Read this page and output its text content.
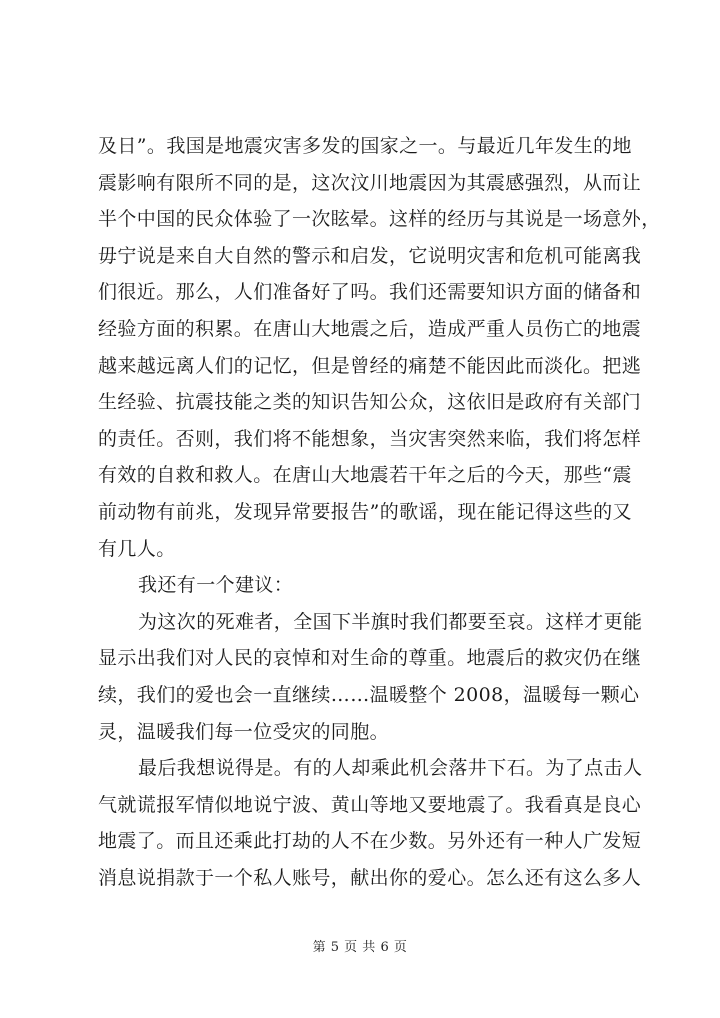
及日”。我国是地震灾害多发的国家之一。与最近几年发生的地
震影响有限所不同的是，这次汶川地震因为其震感强烈，从而让
半个中国的民众体验了一次眩晕。这样的经历与其说是一场意外，
毋宁说是来自大自然的警示和启发，它说明灾害和危机可能离我
们很近。那么，人们准备好了吗。我们还需要知识方面的储备和
经验方面的积累。在唐山大地震之后，造成严重人员伤亡的地震
越来越远离人们的记忆，但是曾经的痛楚不能因此而淡化。把逃
生经验、抗震技能之类的知识告知公众，这依旧是政府有关部门
的责任。否则，我们将不能想象，当灾害突然来临，我们将怎样
有效的自救和救人。在唐山大地震若干年之后的今天，那些“震
前动物有前兆，发现异常要报告”的歌谣，现在能记得这些的又
有几人。
我还有一个建议：
为这次的死难者，全国下半旗时我们都要至哀。这样才更能
显示出我们对人民的哀悼和对生命的尊重。地震后的救灾仍在继
续，我们的爱也会一直继续……温暖整个 2008，温暖每一颗心
灵，温暖我们每一位受灾的同胞。
最后我想说得是。有的人却乘此机会落井下石。为了点击人
气就谎报军情似地说宁波、黄山等地又要地震了。我看真是良心
地震了。而且还乘此打劫的人不在少数。另外还有一种人广发短
消息说捐款于一个私人账号，献出你的爱心。怎么还有这么多人
第 5 页 共 6 页
